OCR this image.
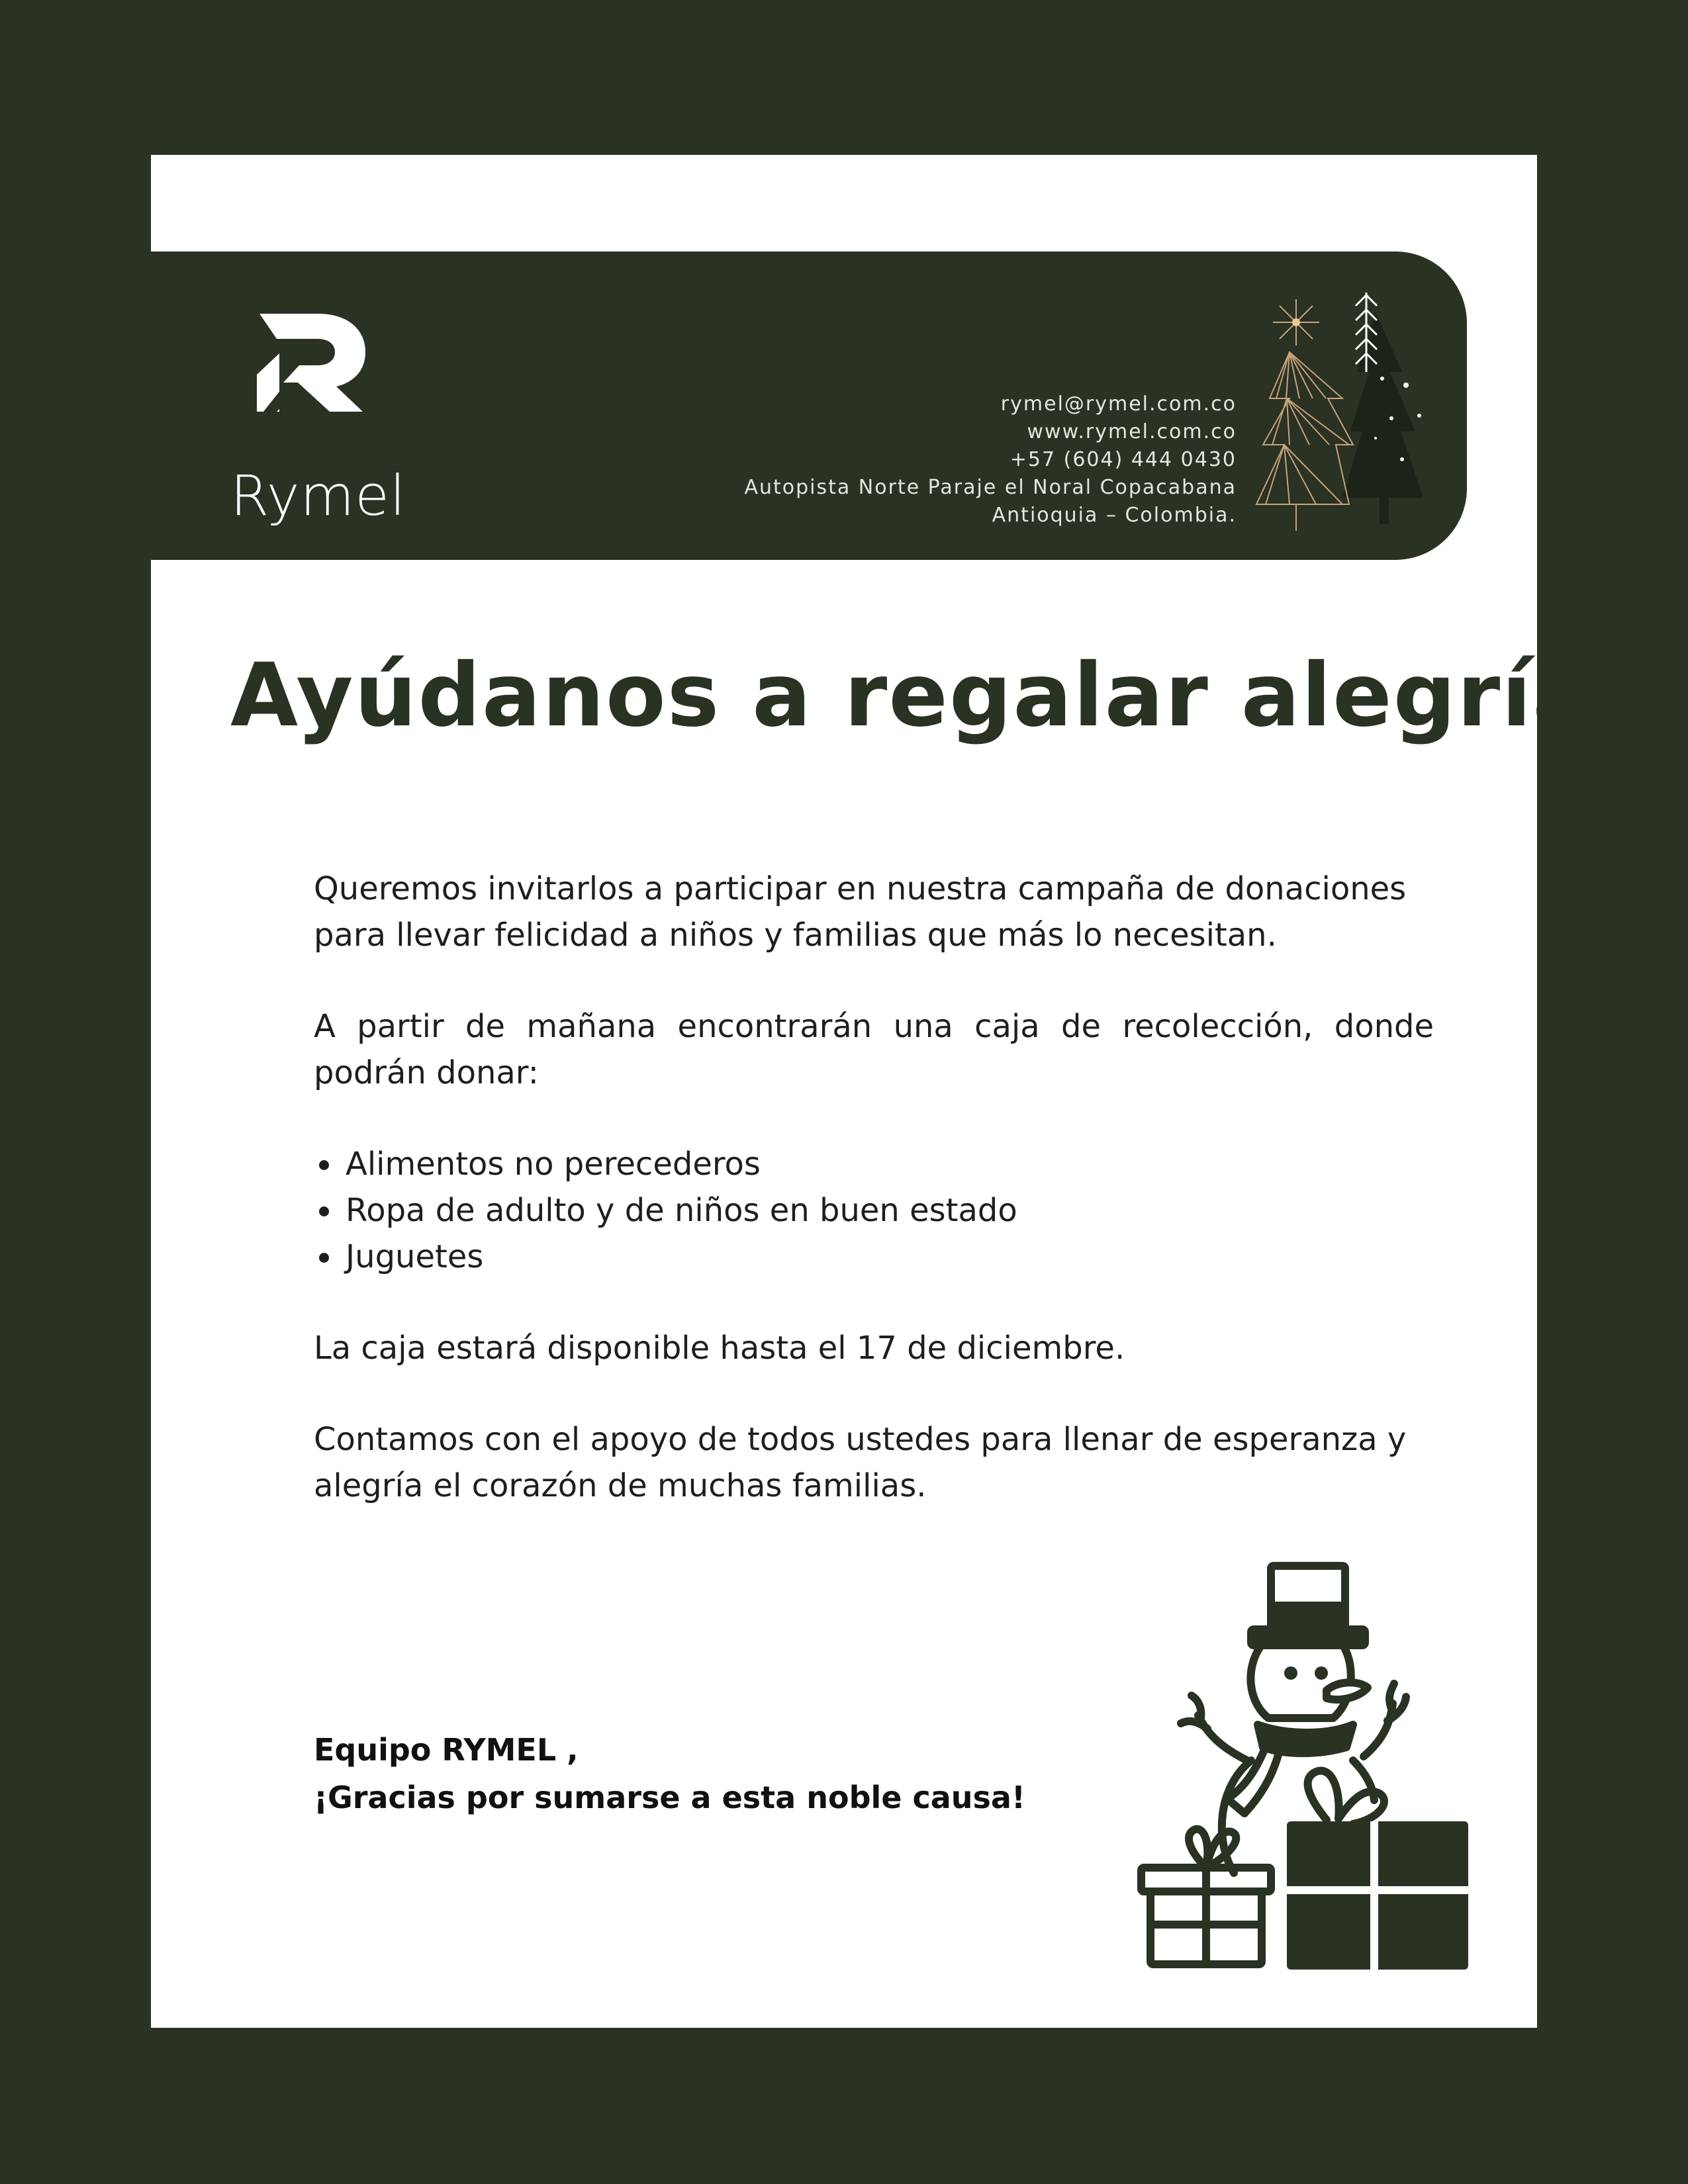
Rymel
rymel@rymel.com.co
www.rymel.com.co
+57 (604) 444 0430
Autopista Norte Paraje el Noral Copacabana
Antioquia – Colombia.
Ayúdanos a regalar alegría

Queremos invitarlos a participar en nuestra campaña de donaciones para llevar felicidad a niños y familias que más lo necesitan.

A partir de mañana encontrarán una caja de recolección, donde podrán donar:

• Alimentos no perecederos
• Ropa de adulto y de niños en buen estado
• Juguetes

La caja estará disponible hasta el 17 de diciembre.

Contamos con el apoyo de todos ustedes para llenar de esperanza y alegría el corazón de muchas familias.

Equipo RYMEL ,
¡Gracias por sumarse a esta noble causa!
